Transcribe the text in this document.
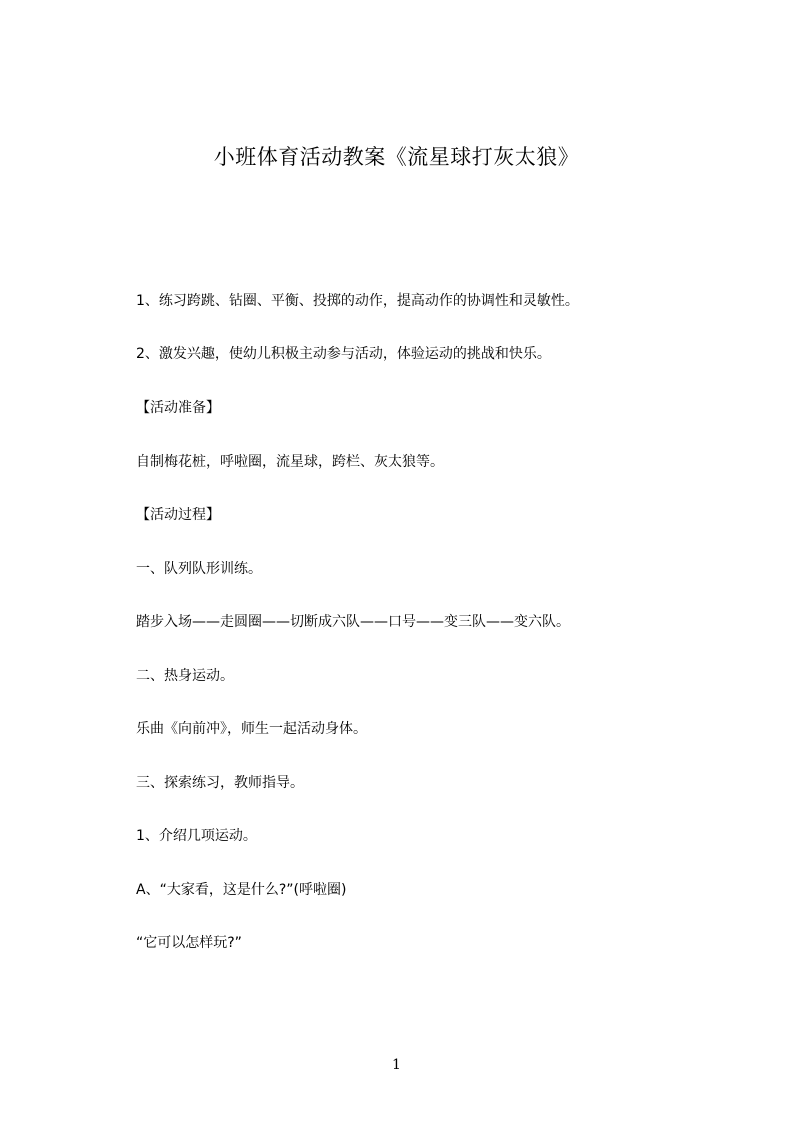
小班体育活动教案《流星球打灰太狼》
1、练习跨跳、钻圈、平衡、投掷的动作，提高动作的协调性和灵敏性。
2、激发兴趣，使幼儿积极主动参与活动，体验运动的挑战和快乐。
【活动准备】
自制梅花桩，呼啦圈，流星球，跨栏、灰太狼等。
【活动过程】
一、队列队形训练。
踏步入场——走圆圈——切断成六队——口号——变三队——变六队。
二、热身运动。
乐曲《向前冲》，师生一起活动身体。
三、探索练习，教师指导。
1、介绍几项运动。
A、“大家看，这是什么?”(呼啦圈)
“它可以怎样玩?”
1
